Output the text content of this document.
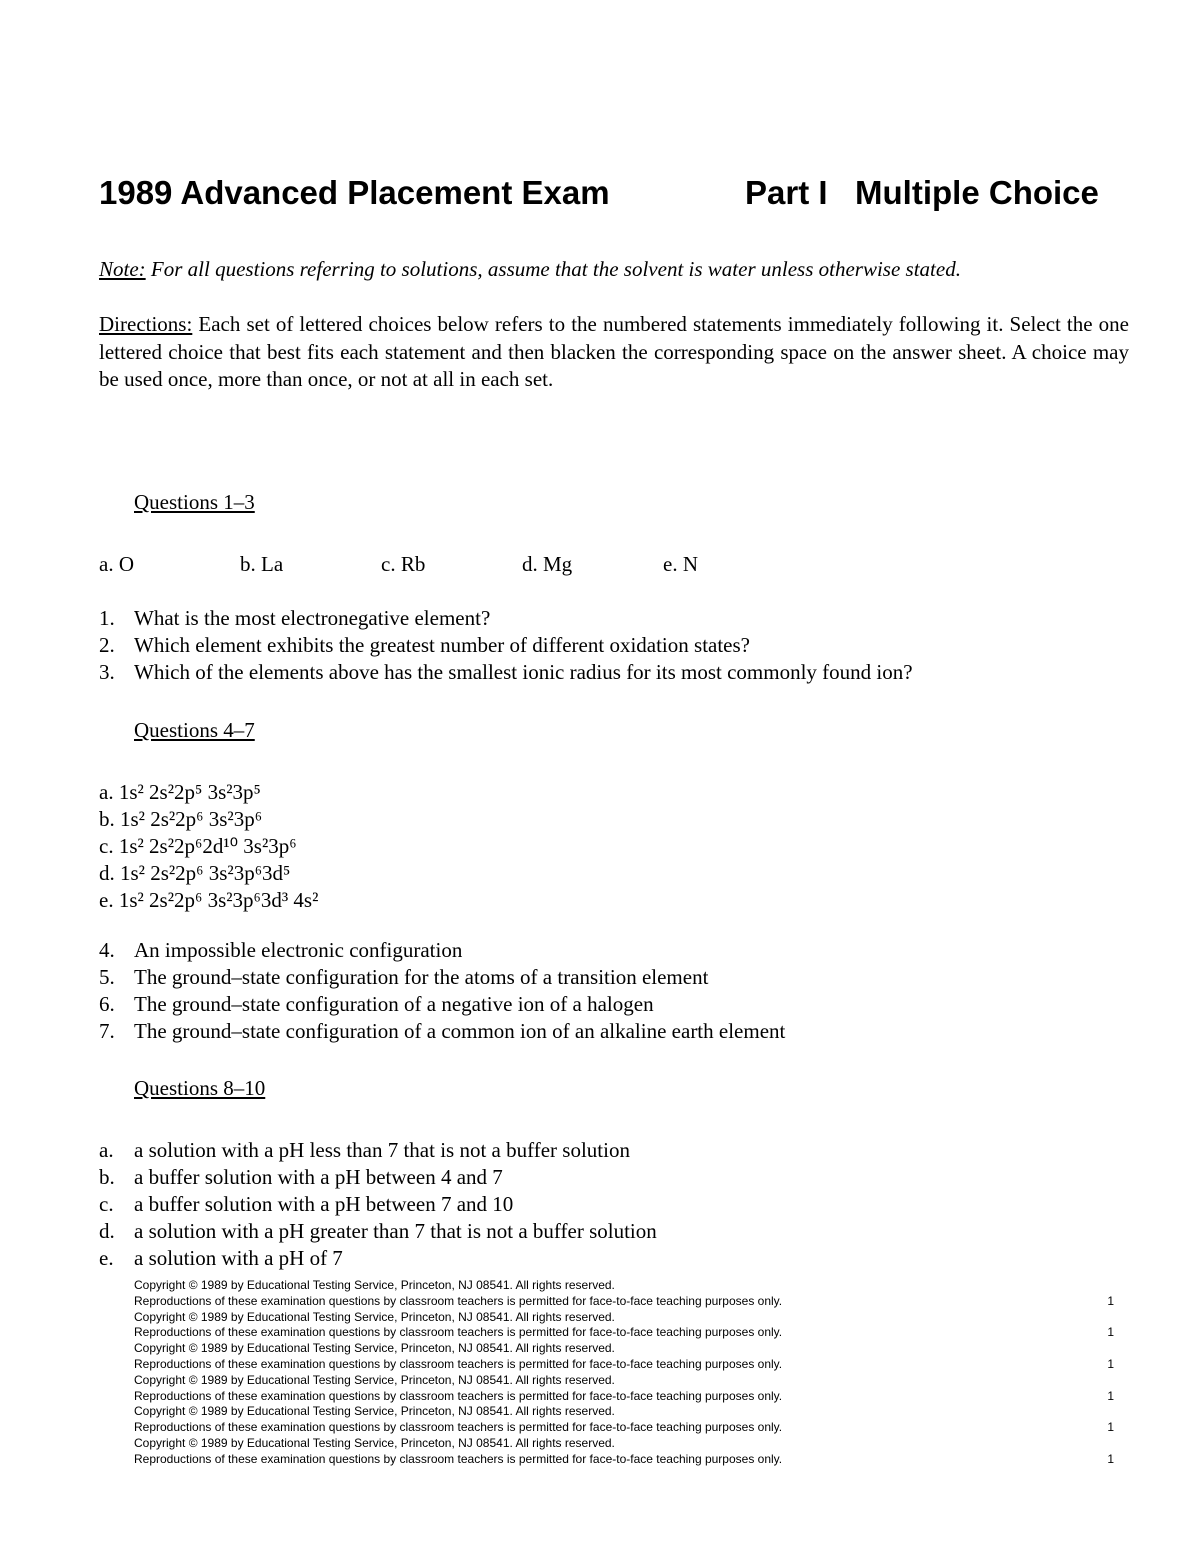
1989 Advanced Placement Exam	Part I   Multiple Choice
Note: For all questions referring to solutions, assume that the solvent is water unless otherwise stated.
Directions: Each set of lettered choices below refers to the numbered statements immediately following it. Select the one lettered choice that best fits each statement and then blacken the corresponding space on the answer sheet. A choice may be used once, more than once, or not at all in each set.
Questions 1–3
a. O	b. La	c. Rb	d. Mg	e. N
1. What is the most electronegative element?
2. Which element exhibits the greatest number of different oxidation states?
3. Which of the elements above has the smallest ionic radius for its most commonly found ion?
Questions 4–7
a. 1s² 2s²2p⁵ 3s²3p⁵
b. 1s² 2s²2p⁶ 3s²3p⁶
c. 1s² 2s²2p⁶2d¹⁰ 3s²3p⁶
d. 1s² 2s²2p⁶ 3s²3p⁶3d⁵
e. 1s² 2s²2p⁶ 3s²3p⁶3d³ 4s²
4. An impossible electronic configuration
5. The ground–state configuration for the atoms of a transition element
6. The ground–state configuration of a negative ion of a halogen
7. The ground–state configuration of a common ion of an alkaline earth element
Questions 8–10
a. a solution with a pH less than 7 that is not a buffer solution
b. a buffer solution with a pH between 4 and 7
c. a buffer solution with a pH between 7 and 10
d. a solution with a pH greater than 7 that is not a buffer solution
e. a solution with a pH of 7
Copyright © 1989 by Educational Testing Service, Princeton, NJ 08541. All rights reserved.
Reproductions of these examination questions by classroom teachers is permitted for face-to-face teaching purposes only.	1
Copyright © 1989 by Educational Testing Service, Princeton, NJ 08541. All rights reserved.
Reproductions of these examination questions by classroom teachers is permitted for face-to-face teaching purposes only.	1
Copyright © 1989 by Educational Testing Service, Princeton, NJ 08541. All rights reserved.
Reproductions of these examination questions by classroom teachers is permitted for face-to-face teaching purposes only.	1
Copyright © 1989 by Educational Testing Service, Princeton, NJ 08541. All rights reserved.
Reproductions of these examination questions by classroom teachers is permitted for face-to-face teaching purposes only.	1
Copyright © 1989 by Educational Testing Service, Princeton, NJ 08541. All rights reserved.
Reproductions of these examination questions by classroom teachers is permitted for face-to-face teaching purposes only.	1
Copyright © 1989 by Educational Testing Service, Princeton, NJ 08541. All rights reserved.
Reproductions of these examination questions by classroom teachers is permitted for face-to-face teaching purposes only.	1
